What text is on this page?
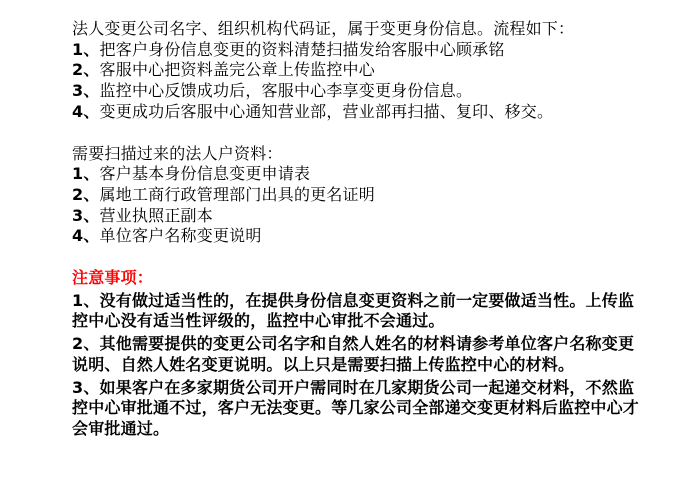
法人变更公司名字、组织机构代码证，属于变更身份信息。流程如下：

1、把客户身份信息变更的资料清楚扫描发给客服中心顾承铭

2、客服中心把资料盖完公章上传监控中心

3、监控中心反馈成功后，客服中心李享变更身份信息。

4、变更成功后客服中心通知营业部，营业部再扫描、复印、移交。

需要扫描过来的法人户资料：

1、客户基本身份信息变更申请表

2、属地工商行政管理部门出具的更名证明

3、营业执照正副本

4、单位客户名称变更说明

注意事项：

1、没有做过适当性的，在提供身份信息变更资料之前一定要做适当性。上传监控中心没有适当性评级的，监控中心审批不会通过。

2、其他需要提供的变更公司名字和自然人姓名的材料请参考单位客户名称变更说明、自然人姓名变更说明。以上只是需要扫描上传监控中心的材料。

3、如果客户在多家期货公司开户需同时在几家期货公司一起递交材料，不然监控中心审批通不过，客户无法变更。等几家公司全部递交变更材料后监控中心才会审批通过。
